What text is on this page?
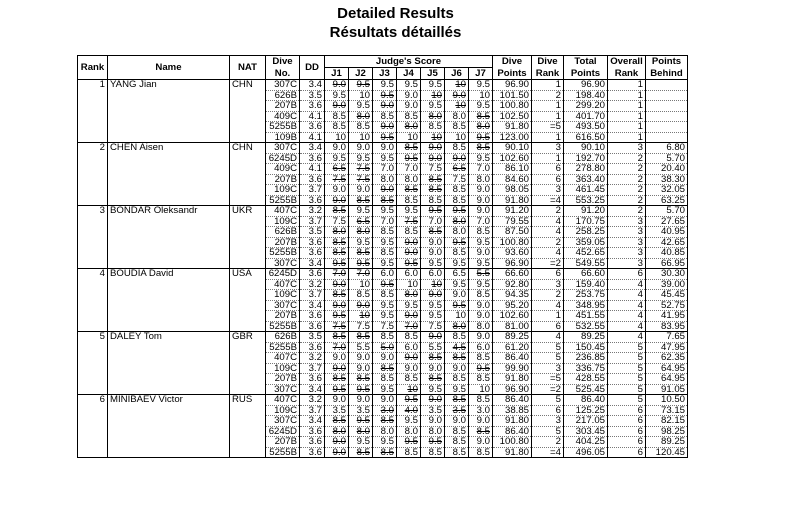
Detailed Results
Résultats détaillés
Rank	Name	NAT	Dive	DD	Judge's Score							Dive	Dive	Total	Overall	Points
			No.		J1	J2	J3	J4	J5	J6	J7	Points	Rank	Points	Rank	Behind
1	YANG Jian	CHN	307C	3.4	9.0	9.5	9.5	9.5	9.5	10	9.5	96.90	1	96.90	1	
			626B	3.5	9.5	10	9.5	9.0	10	9.0	10	101.50	2	198.40	1	
			207B	3.6	9.0	9.5	9.0	9.0	9.5	10	9.5	100.80	1	299.20	1	
			409C	4.1	8.5	8.0	8.5	8.5	8.0	8.0	8.5	102.50	1	401.70	1	
			5255B	3.6	8.5	8.5	9.0	8.0	8.5	8.5	8.0	91.80	=5	493.50	1	
			109B	4.1	10	10	9.5	10	10	10	9.5	123.00	1	616.50	1	
2	CHEN Aisen	CHN	307C	3.4	9.0	9.0	9.0	8.5	9.0	8.5	8.5	90.10	3	90.10	3	6.80
			6245D	3.6	9.5	9.5	9.5	9.5	9.0	9.0	9.5	102.60	1	192.70	2	5.70
			409C	4.1	6.5	7.5	7.0	7.0	7.5	6.5	7.0	86.10	6	278.80	2	20.40
			207B	3.6	7.5	7.5	8.0	8.0	8.5	7.5	8.0	84.60	6	363.40	2	38.30
			109C	3.7	9.0	9.0	9.0	8.5	8.5	8.5	9.0	98.05	3	461.45	2	32.05
			5255B	3.6	9.0	8.5	8.5	8.5	8.5	8.5	9.0	91.80	=4	553.25	2	63.25
3	BONDAR Oleksandr	UKR	407C	3.2	8.5	9.5	9.5	9.5	9.5	9.5	9.0	91.20	2	91.20	2	5.70
			109C	3.7	7.5	6.5	7.0	7.5	7.0	8.0	7.0	79.55	4	170.75	3	27.65
			626B	3.5	8.0	8.0	8.5	8.5	8.5	8.0	8.5	87.50	4	258.25	3	40.95
			207B	3.6	8.5	9.5	9.5	9.0	9.0	9.5	9.5	100.80	2	359.05	3	42.65
			5255B	3.6	8.5	8.5	8.5	9.0	9.0	8.5	9.0	93.60	4	452.65	3	40.85
			307C	3.4	9.5	9.5	9.5	9.5	9.5	9.5	9.5	96.90	=2	549.55	3	66.95
4	BOUDIA David	USA	6245D	3.6	7.0	7.0	6.0	6.0	6.0	6.5	5.5	66.60	6	66.60	6	30.30
			407C	3.2	9.0	10	9.5	10	10	9.5	9.5	92.80	3	159.40	4	39.00
			109C	3.7	8.5	8.5	8.5	8.0	9.0	9.0	8.5	94.35	2	253.75	4	45.45
			307C	3.4	9.0	9.0	9.5	9.5	9.5	9.5	9.0	95.20	4	348.95	4	52.75
			207B	3.6	9.5	10	9.5	9.0	9.5	10	9.0	102.60	1	451.55	4	41.95
			5255B	3.6	7.5	7.5	7.5	7.0	7.5	8.0	8.0	81.00	6	532.55	4	83.95
5	DALEY Tom	GBR	626B	3.5	8.5	8.5	8.5	8.5	9.0	8.5	9.0	89.25	4	89.25	4	7.65
			5255B	3.6	7.0	5.5	5.0	6.0	5.5	4.5	6.0	61.20	5	150.45	5	47.95
			407C	3.2	9.0	9.0	9.0	9.0	8.5	8.5	8.5	86.40	5	236.85	5	62.35
			109C	3.7	9.0	9.0	8.5	9.0	9.0	9.0	9.5	99.90	3	336.75	5	64.95
			207B	3.6	8.5	8.5	8.5	8.5	8.5	8.5	8.5	91.80	=5	428.55	5	64.95
			307C	3.4	9.5	9.5	9.5	10	9.5	9.5	10	96.90	=2	525.45	5	91.05
6	MINIBAEV Victor	RUS	407C	3.2	9.0	9.0	9.0	9.5	9.0	8.5	8.5	86.40	5	86.40	5	10.50
			109C	3.7	3.5	3.5	3.0	4.0	3.5	3.5	3.0	38.85	6	125.25	6	73.15
			307C	3.4	8.5	9.5	8.5	9.5	9.0	9.0	9.0	91.80	3	217.05	6	82.15
			6245D	3.6	8.0	8.0	8.0	8.0	8.0	8.5	8.5	86.40	5	303.45	6	98.25
			207B	3.6	9.0	9.5	9.5	9.5	9.5	8.5	9.0	100.80	2	404.25	6	89.25
			5255B	3.6	9.0	8.5	8.5	8.5	8.5	8.5	8.5	91.80	=4	496.05	6	120.45
